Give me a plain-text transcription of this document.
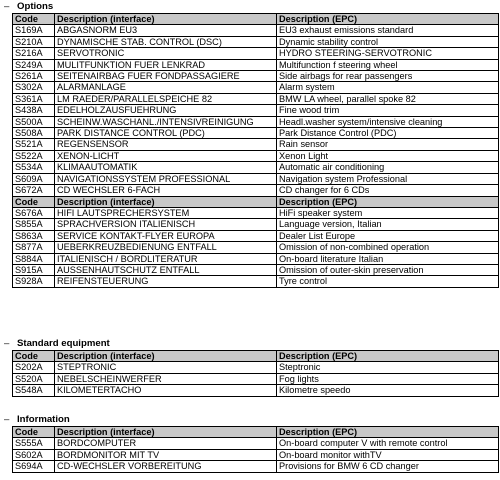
– Options
Code	Description (interface)	Description (EPC)
S169A	ABGASNORM EU3	EU3 exhaust emissions standard
S210A	DYNAMISCHE STAB. CONTROL (DSC)	Dynamic stability control
S216A	SERVOTRONIC	HYDRO STEERING-SERVOTRONIC
S249A	MULITFUNKTION FUER LENKRAD	Multifunction f steering wheel
S261A	SEITENAIRBAG FUER FONDPASSAGIERE	Side airbags for rear passengers
S302A	ALARMANLAGE	Alarm system
S361A	LM RAEDER/PARALLELSPEICHE 82	BMW LA wheel, parallel spoke 82
S438A	EDELHOLZAUSFUEHRUNG	Fine wood trim
S500A	SCHEINW.WASCHANL./INTENSIVREINIGUNG	Headl.washer system/intensive cleaning
S508A	PARK DISTANCE CONTROL (PDC)	Park Distance Control (PDC)
S521A	REGENSENSOR	Rain sensor
S522A	XENON-LICHT	Xenon Light
S534A	KLIMAAUTOMATIK	Automatic air conditioning
S609A	NAVIGATIONSSYSTEM PROFESSIONAL	Navigation system Professional
S672A	CD WECHSLER 6-FACH	CD changer for 6 CDs
Code	Description (interface)	Description (EPC)
S676A	HIFI LAUTSPRECHERSYSTEM	HiFi speaker system
S855A	SPRACHVERSION ITALIENISCH	Language version, Italian
S863A	SERVICE KONTAKT-FLYER EUROPA	Dealer List Europe
S877A	UEBERKREUZBEDIENUNG ENTFALL	Omission of non-combined operation
S884A	ITALIENISCH / BORDLITERATUR	On-board literature Italian
S915A	AUSSENHAUTSCHUTZ ENTFALL	Omission of outer-skin preservation
S928A	REIFENSTEUERUNG	Tyre control
– Standard equipment
Code	Description (interface)	Description (EPC)
S202A	STEPTRONIC	Steptronic
S520A	NEBELSCHEINWERFER	Fog lights
S548A	KILOMETERTACHO	Kilometre speedo
– Information
Code	Description (interface)	Description (EPC)
S555A	BORDCOMPUTER	On-board computer V with remote control
S602A	BORDMONITOR MIT TV	On-board monitor withTV
S694A	CD-WECHSLER VORBEREITUNG	Provisions for BMW 6 CD changer
